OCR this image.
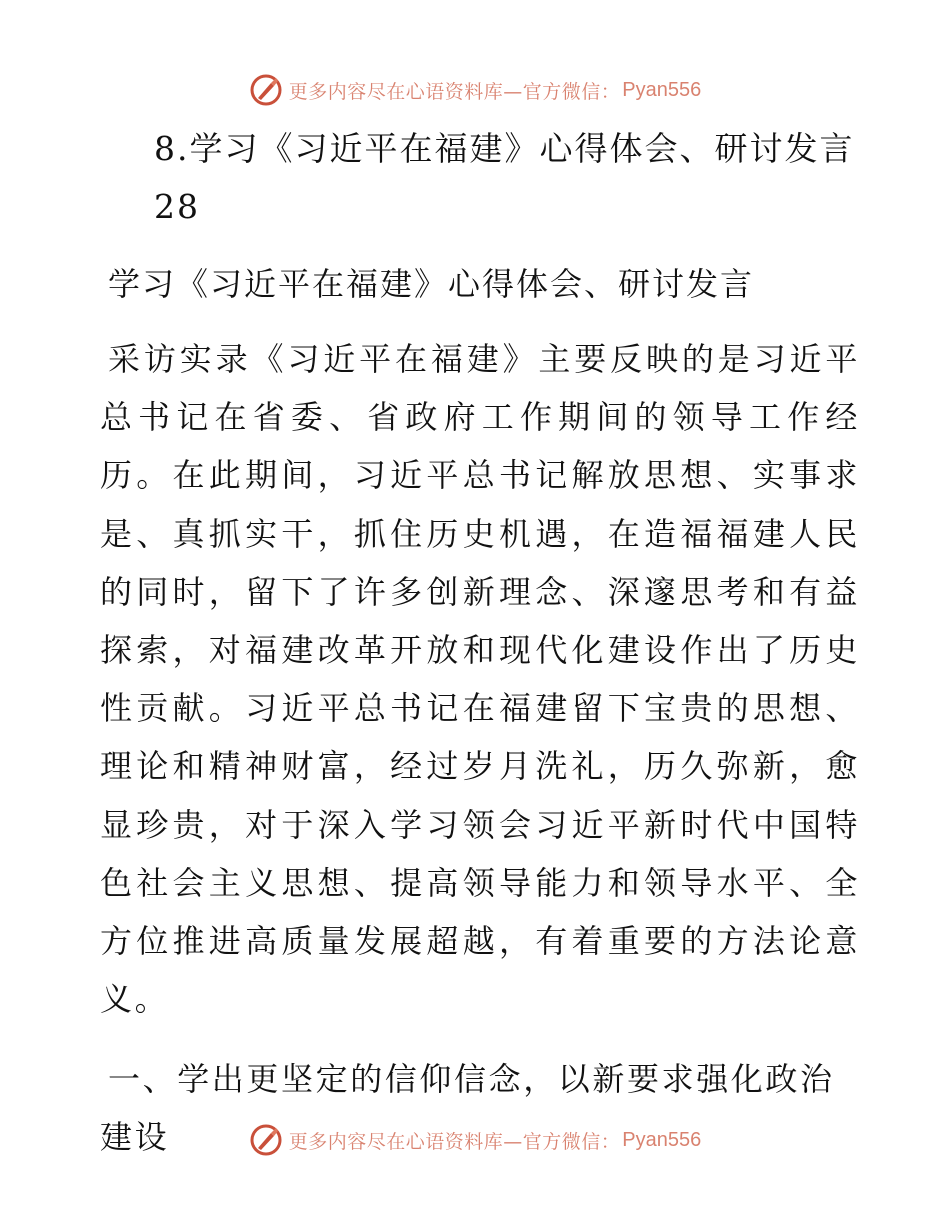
更多内容尽在心语资料库—官方微信： Pyan556
8.学习《习近平在福建》心得体会、研讨发言28

学习《习近平在福建》心得体会、研讨发言

采访实录《习近平在福建》主要反映的是习近平总书记在省委、省政府工作期间的领导工作经历。在此期间，习近平总书记解放思想、实事求是、真抓实干，抓住历史机遇，在造福福建人民的同时，留下了许多创新理念、深邃思考和有益探索，对福建改革开放和现代化建设作出了历史性贡献。习近平总书记在福建留下宝贵的思想、理论和精神财富，经过岁月洗礼，历久弥新，愈显珍贵，对于深入学习领会习近平新时代中国特色社会主义思想、提高领导能力和领导水平、全方位推进高质量发展超越，有着重要的方法论意义。

一、学出更坚定的信仰信念，以新要求强化政治建设	更多内容尽在心语资料库—官方微信： Pyan556
